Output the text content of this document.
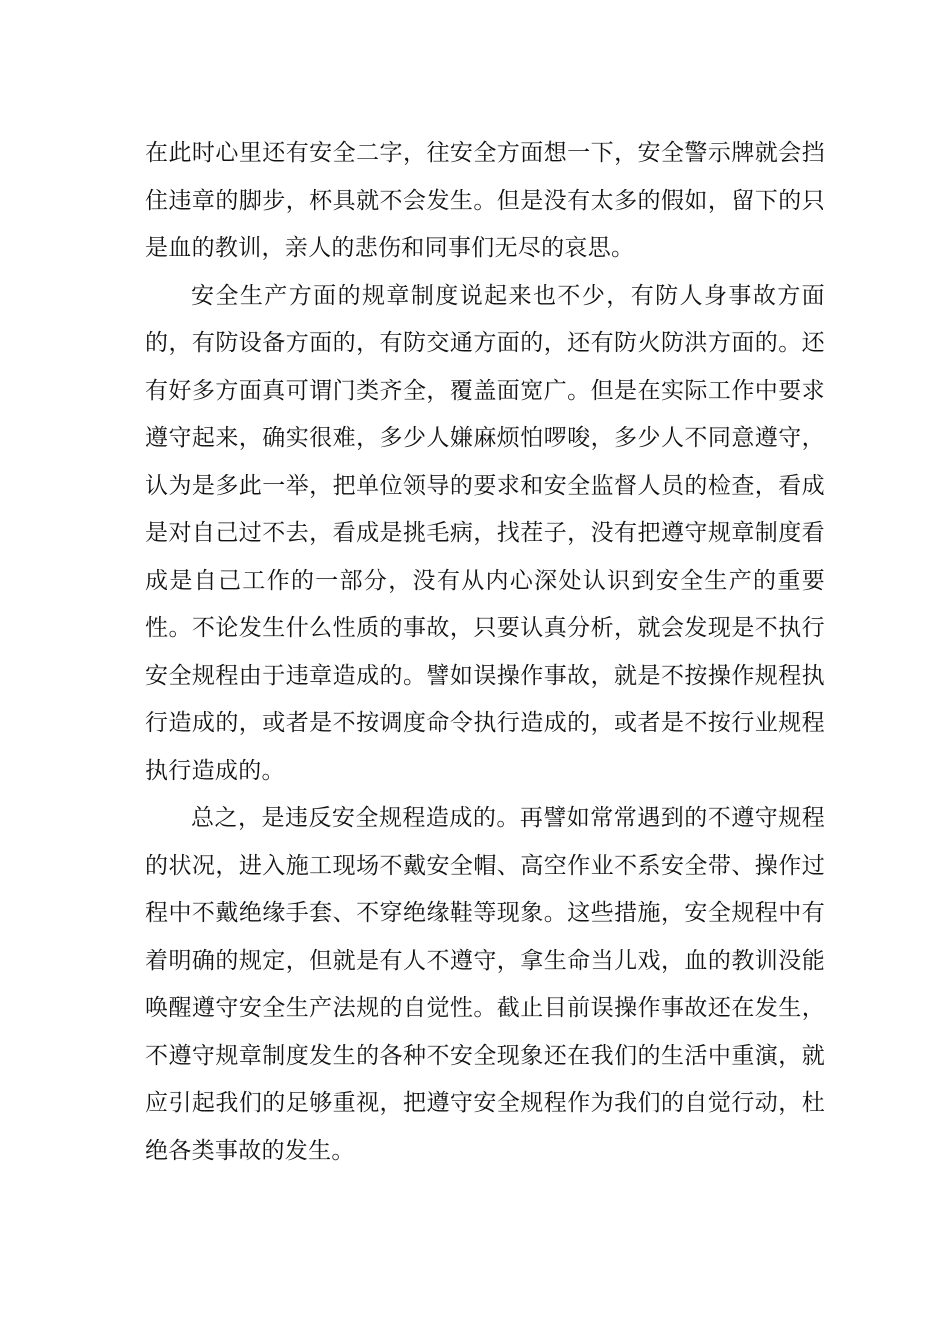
在此时心里还有安全二字，往安全方面想一下，安全警示牌就会挡住违章的脚步，杯具就不会发生。但是没有太多的假如，留下的只是血的教训，亲人的悲伤和同事们无尽的哀思。

安全生产方面的规章制度说起来也不少，有防人身事故方面的，有防设备方面的，有防交通方面的，还有防火防洪方面的。还有好多方面真可谓门类齐全，覆盖面宽广。但是在实际工作中要求遵守起来，确实很难，多少人嫌麻烦怕啰唆，多少人不同意遵守，认为是多此一举，把单位领导的要求和安全监督人员的检查，看成是对自己过不去，看成是挑毛病，找茬子，没有把遵守规章制度看成是自己工作的一部分，没有从内心深处认识到安全生产的重要性。不论发生什么性质的事故，只要认真分析，就会发现是不执行安全规程由于违章造成的。譬如误操作事故，就是不按操作规程执行造成的，或者是不按调度命令执行造成的，或者是不按行业规程执行造成的。

总之，是违反安全规程造成的。再譬如常常遇到的不遵守规程的状况，进入施工现场不戴安全帽、高空作业不系安全带、操作过程中不戴绝缘手套、不穿绝缘鞋等现象。这些措施，安全规程中有着明确的规定，但就是有人不遵守，拿生命当儿戏，血的教训没能唤醒遵守安全生产法规的自觉性。截止目前误操作事故还在发生，不遵守规章制度发生的各种不安全现象还在我们的生活中重演，就应引起我们的足够重视，把遵守安全规程作为我们的自觉行动，杜绝各类事故的发生。
